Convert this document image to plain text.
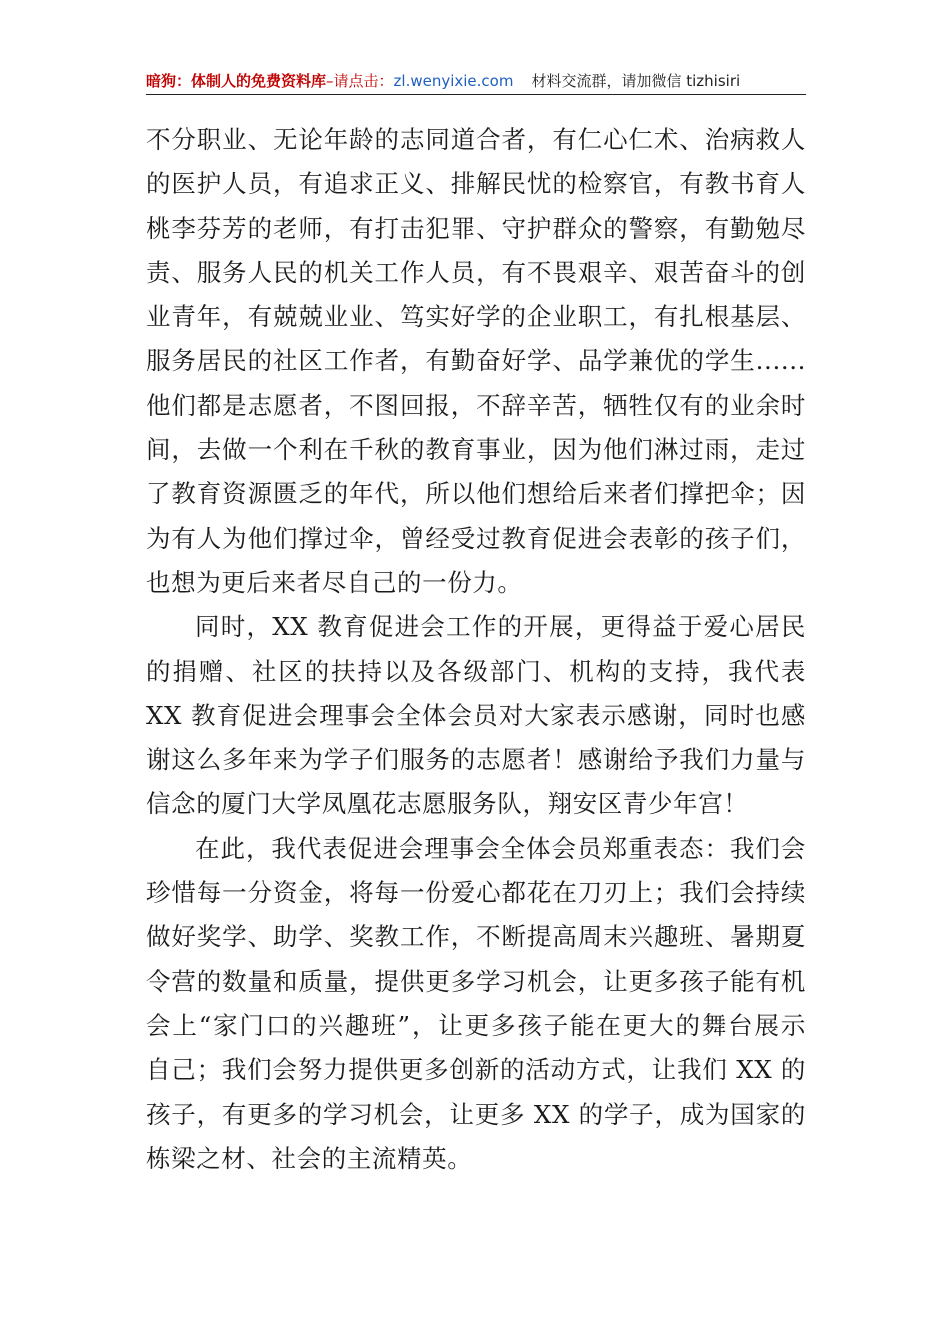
暗狗：体制人的免费资料库 –请点击： zl.wenyixie.com 材料交流群，请加微信 tizhisiri
不分职业、无论年龄的志同道合者，有仁心仁术、治病救人
的医护人员，有追求正义、排解民忧的检察官，有教书育人
桃李芬芳的老师，有打击犯罪、守护群众的警察，有勤勉尽
责、服务人民的机关工作人员，有不畏艰辛、艰苦奋斗的创
业青年，有兢兢业业、笃实好学的企业职工，有扎根基层、
服务居民的社区工作者，有勤奋好学、品学兼优的学生......
他们都是志愿者，不图回报，不辞辛苦，牺牲仅有的业余时
间，去做一个利在千秋的教育事业，因为他们淋过雨，走过
了教育资源匮乏的年代，所以他们想给后来者们撑把伞；因
为有人为他们撑过伞，曾经受过教育促进会表彰的孩子们，
也想为更后来者尽自己的一份力。
同时，XX 教育促进会工作的开展，更得益于爱心居民
的捐赠、社区的扶持以及各级部门、机构的支持，我代表
XX 教育促进会理事会全体会员对大家表示感谢，同时也感
谢这么多年来为学子们服务的志愿者！感谢给予我们力量与
信念的厦门大学凤凰花志愿服务队，翔安区青少年宫！
在此，我代表促进会理事会全体会员郑重表态：我们会
珍惜每一分资金，将每一份爱心都花在刀刃上；我们会持续
做好奖学、助学、奖教工作，不断提高周末兴趣班、暑期夏
令营的数量和质量，提供更多学习机会，让更多孩子能有机
会上“家门口的兴趣班”，让更多孩子能在更大的舞台展示
自己；我们会努力提供更多创新的活动方式，让我们 XX 的
孩子，有更多的学习机会，让更多 XX 的学子，成为国家的
栋梁之材、社会的主流精英。
